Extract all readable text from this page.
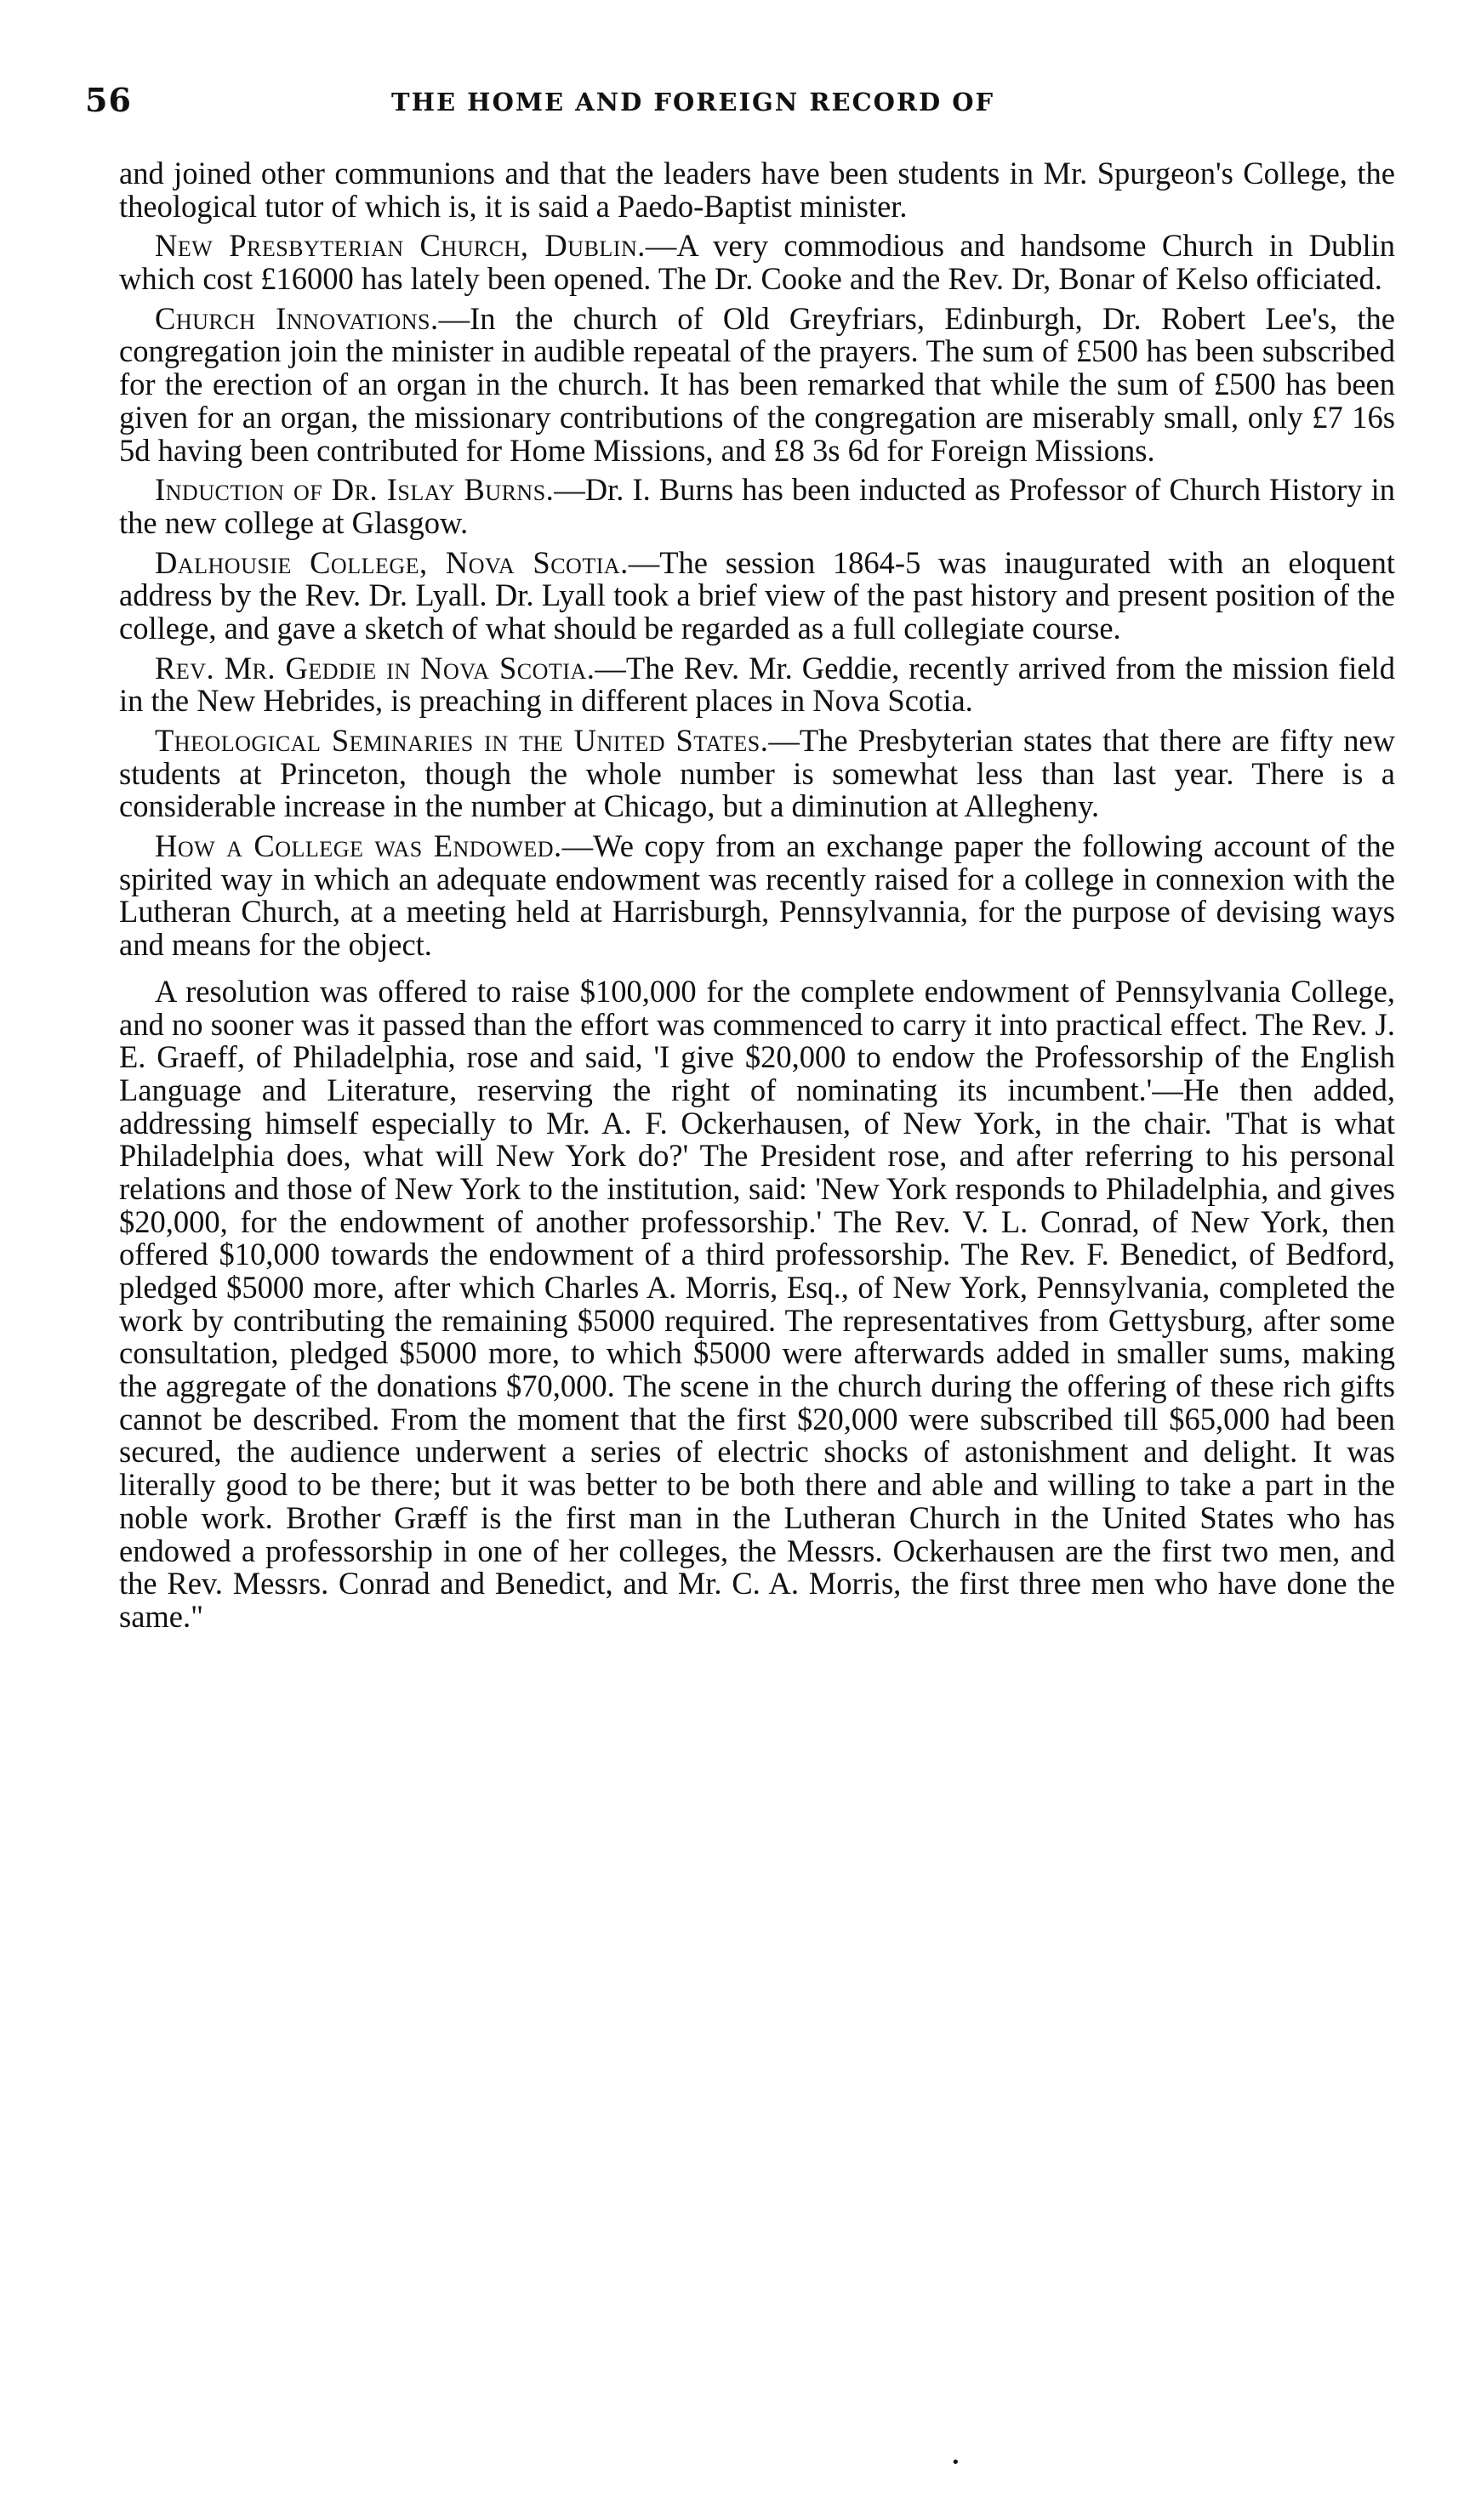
56	THE HOME AND FOREIGN RECORD OF

and joined other communions and that the leaders have been students in Mr. Spurgeon's College, the theological tutor of which is, it is said a Paedo-Baptist minister.

New Presbyterian Church, Dublin.—A very commodious and handsome Church in Dublin which cost £16000 has lately been opened. The Dr. Cooke and the Rev. Dr, Bonar of Kelso officiated.

Church Innovations.—In the church of Old Greyfriars, Edinburgh, Dr. Robert Lee's, the congregation join the minister in audible repeatal of the prayers. The sum of £500 has been subscribed for the erection of an organ in the church. It has been remarked that while the sum of £500 has been given for an organ, the missionary contributions of the congregation are miserably small, only £7 16s 5d having been contributed for Home Missions, and £8 3s 6d for Foreign Missions.

Induction of Dr. Islay Burns.—Dr. I. Burns has been inducted as Professor of Church History in the new college at Glasgow.

Dalhousie College, Nova Scotia.—The session 1864-5 was inaugurated with an eloquent address by the Rev. Dr. Lyall. Dr. Lyall took a brief view of the past history and present position of the college, and gave a sketch of what should be regarded as a full collegiate course.

Rev. Mr. Geddie in Nova Scotia.—The Rev. Mr. Geddie, recently arrived from the mission field in the New Hebrides, is preaching in different places in Nova Scotia.

Theological Seminaries in the United States.—The Presbyterian states that there are fifty new students at Princeton, though the whole number is somewhat less than last year. There is a considerable increase in the number at Chicago, but a diminution at Allegheny.

How a College was Endowed.—We copy from an exchange paper the following account of the spirited way in which an adequate endowment was recently raised for a college in connexion with the Lutheran Church, at a meeting held at Harrisburgh, Pennsylvannia, for the purpose of devising ways and means for the object.

A resolution was offered to raise $100,000 for the complete endowment of Pennsylvania College, and no sooner was it passed than the effort was commenced to carry it into practical effect. The Rev. J. E. Graeff, of Philadelphia, rose and said, 'I give $20,000 to endow the Professorship of the English Language and Literature, reserving the right of nominating its incumbent.'—He then added, addressing himself especially to Mr. A. F. Ockerhausen, of New York, in the chair. 'That is what Philadelphia does, what will New York do?' The President rose, and after referring to his personal relations and those of New York to the institution, said: 'New York responds to Philadelphia, and gives $20,000, for the endowment of another professorship.' The Rev. V. L. Conrad, of New York, then offered $10,000 towards the endowment of a third professorship. The Rev. F. Benedict, of Bedford, pledged $5000 more, after which Charles A. Morris, Esq., of New York, Pennsylvania, completed the work by contributing the remaining $5000 required. The representatives from Gettysburg, after some consultation, pledged $5000 more, to which $5000 were afterwards added in smaller sums, making the aggregate of the donations $70,000. The scene in the church during the offering of these rich gifts cannot be described. From the moment that the first $20,000 were subscribed till $65,000 had been secured, the audience underwent a series of electric shocks of astonishment and delight. It was literally good to be there; but it was better to be both there and able and willing to take a part in the noble work. Brother Græff is the first man in the Lutheran Church in the United States who has endowed a professorship in one of her colleges, the Messrs. Ockerhausen are the first two men, and the Rev. Messrs. Conrad and Benedict, and Mr. C. A. Morris, the first three men who have done the same."

•
